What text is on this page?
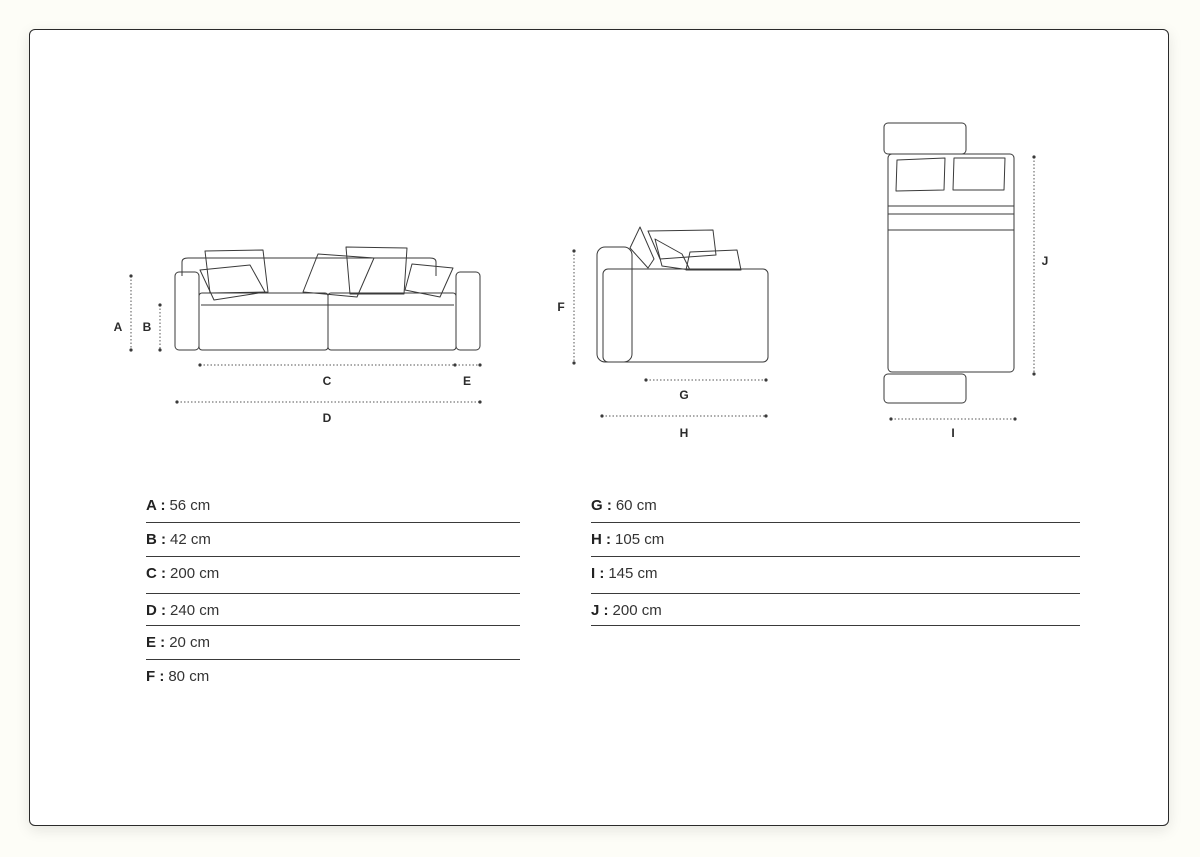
A B
C	E
D
F
G
H	I
J
A : 56 cm
B : 42 cm
C : 200 cm
D : 240 cm
E : 20 cm
F : 80 cm
G : 60 cm
H : 105 cm
I : 145 cm
J : 200 cm
